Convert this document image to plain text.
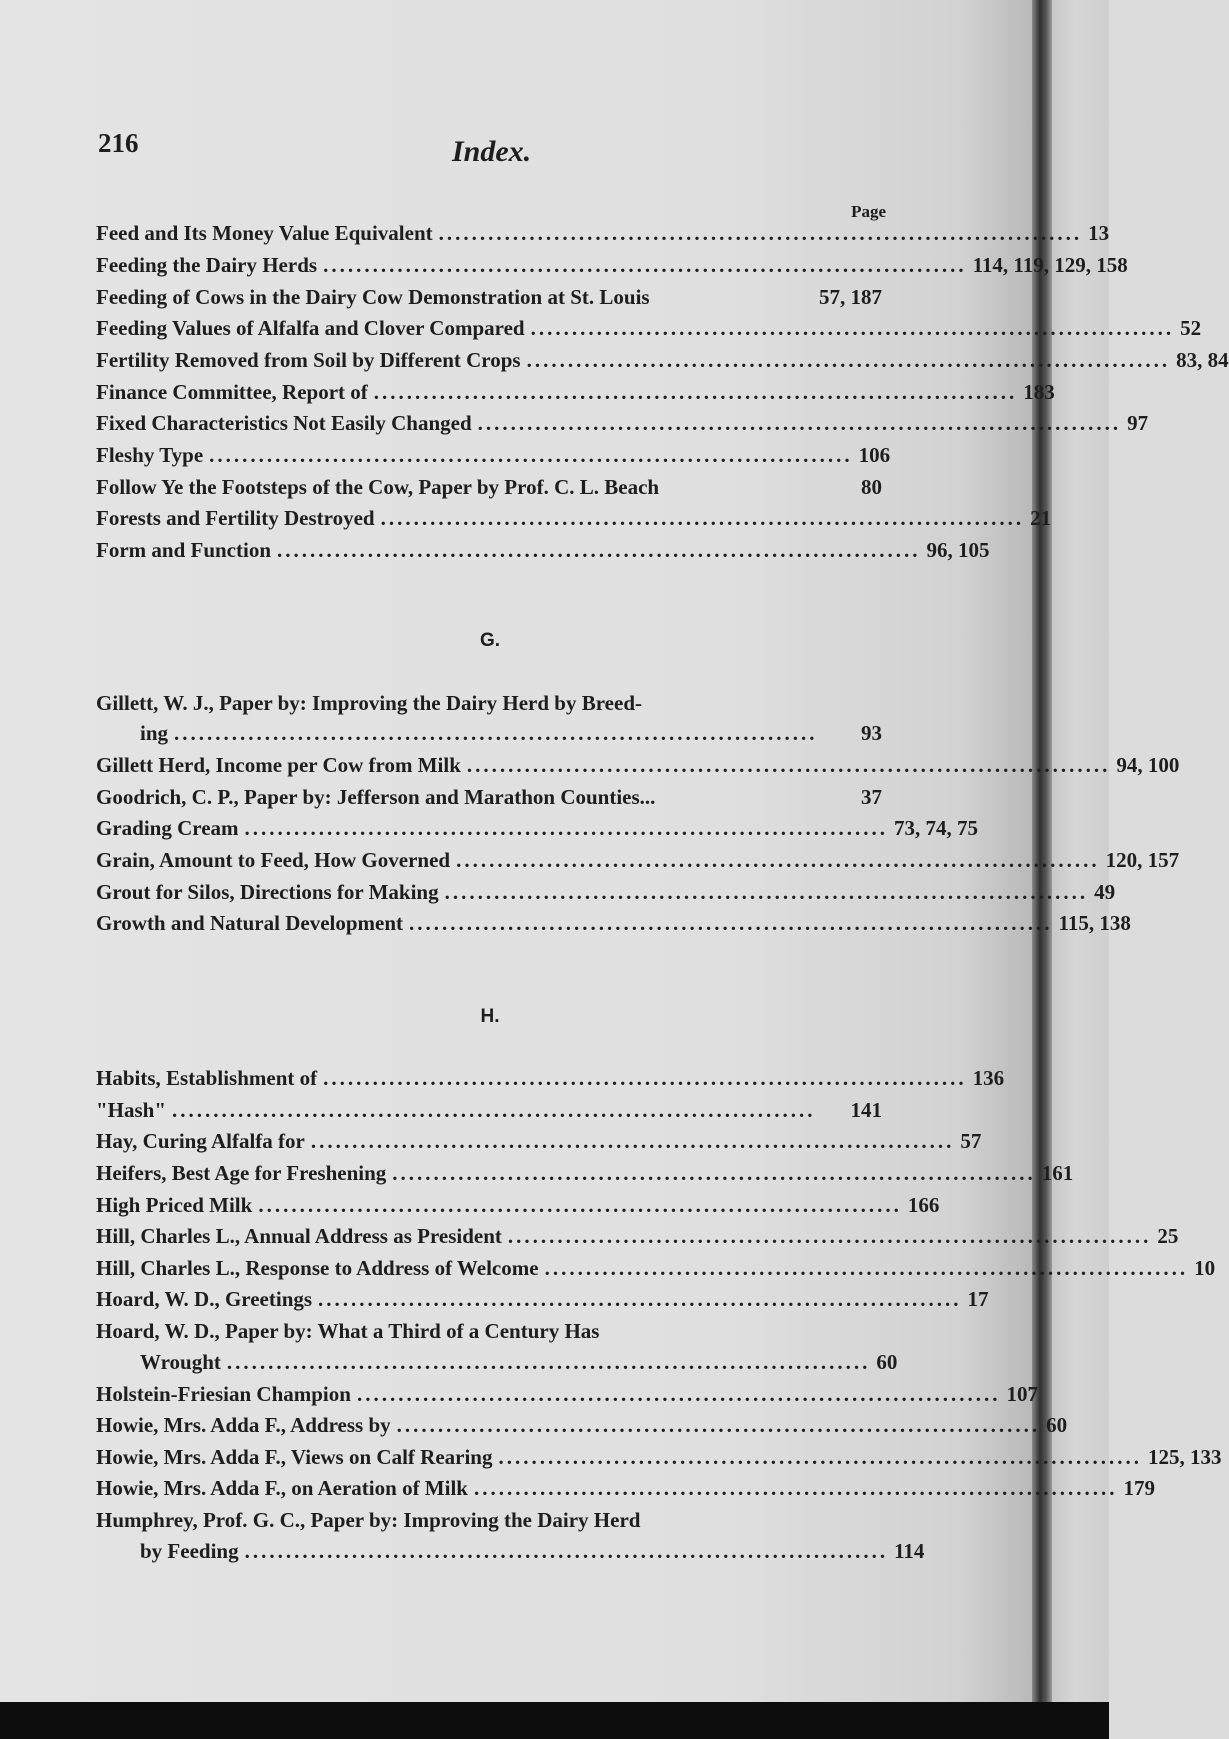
216	Index.
Page
Feed and Its Money Value Equivalent .............................................................................. 13
Feeding the Dairy Herds .............................................................................. 114, 119, 129, 158
Feeding of Cows in the Dairy Cow Demonstration at St. Louis	57, 187
Feeding Values of Alfalfa and Clover Compared .............................................................................. 52
Fertility Removed from Soil by Different Crops .............................................................................. 83, 84
Finance Committee, Report of .............................................................................. 183
Fixed Characteristics Not Easily Changed .............................................................................. 97
Fleshy Type .............................................................................. 106
Follow Ye the Footsteps of the Cow, Paper by Prof. C. L. Beach	80
Forests and Fertility Destroyed .............................................................................. 21
Form and Function .............................................................................. 96, 105
G.
Gillett, W. J., Paper by: Improving the Dairy Herd by Breed-
ing ..............................................................................	93
Gillett Herd, Income per Cow from Milk .............................................................................. 94, 100
Goodrich, C. P., Paper by: Jefferson and Marathon Counties...	37
Grading Cream .............................................................................. 73, 74, 75
Grain, Amount to Feed, How Governed .............................................................................. 120, 157
Grout for Silos, Directions for Making .............................................................................. 49
Growth and Natural Development .............................................................................. 115, 138
H.
Habits, Establishment of .............................................................................. 136
"Hash" ..............................................................................	141
Hay, Curing Alfalfa for .............................................................................. 57
Heifers, Best Age for Freshening .............................................................................. 161
High Priced Milk .............................................................................. 166
Hill, Charles L., Annual Address as President .............................................................................. 25
Hill, Charles L., Response to Address of Welcome .............................................................................. 10
Hoard, W. D., Greetings .............................................................................. 17
Hoard, W. D., Paper by: What a Third of a Century Has
Wrought .............................................................................. 60
Holstein-Friesian Champion .............................................................................. 107
Howie, Mrs. Adda F., Address by .............................................................................. 60
Howie, Mrs. Adda F., Views on Calf Rearing .............................................................................. 125, 133
Howie, Mrs. Adda F., on Aeration of Milk .............................................................................. 179
Humphrey, Prof. G. C., Paper by: Improving the Dairy Herd
by Feeding .............................................................................. 114
